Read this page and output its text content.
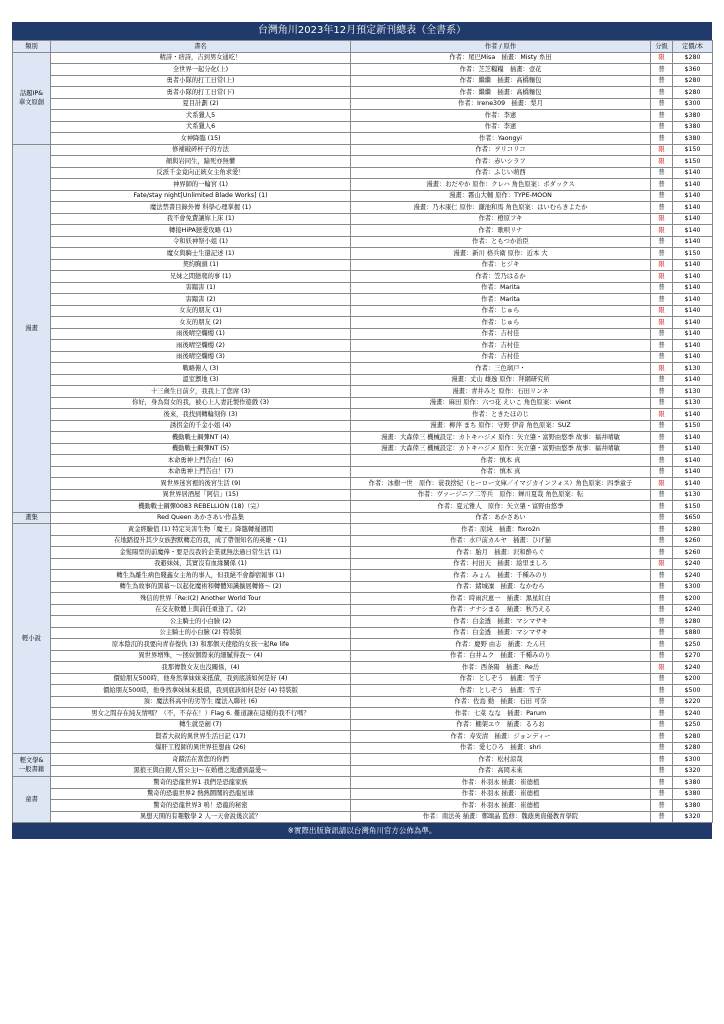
台灣角川2023年12月預定新刊總表（全書系）
類別	書名	作者 / 原作	分級	定價/本
話題IP&
華文原創	精詩・痞詩，吉到男女通吃！	作者：尾巴Misa　插畫：Misty 糸田	限	$280
	全世界一起分化(上)	作者：芝芝糧糧　插畫：壹花	普	$360
	勇者小隊的打工日常(上)	作者：繼繼　插畫：高橋麵包	普	$280
	勇者小隊的打工日常(下)	作者：繼繼　插畫：高橋麵包	普	$280
	夏目計劃 (2)	作者：Irene309　插畫：梨月	普	$300
	犬系獵人5	作者：李憲	普	$380
	犬系獵人6	作者：李憲	普	$380
	女神降臨 (15)	作者：Yaongyi	普	$380
漫畫	修補破碎杯子的方法	作者：ヲリコリコ	限	$150
	顏與岩同生，踰死亦無懼	作者：赤いシラフ	限	$150
	反派千金竟向正統女主角求愛！	作者：ふじい萌西	普	$140
	神界師的一輪宮 (1)	漫畫：おだやか 原作：クレハ 角色原案：ボダックス	普	$140
	Fate/stay night[Unlimited Blade Works] (1)	漫畫：霧山大輔 原作：TYPE-MOON	普	$140
	魔法禁書目錄外傳 科學心理掌握 (1)	漫畫：乃木康仁 原作：鎌池和馬 角色原案：はいむらきよたか	普	$140
	我不會免費讓妳上床 (1)	作者：橙原フキ	限	$140
	轉接HiPA戀愛攻略 (1)	作者：歌唄リナ	限	$140
	令和妖神祭小姐 (1)	作者：ともつか治臣	普	$140
	魔女與騎士生還記述 (1)	漫畫：新川 格兵衛 原作：近本 大	普	$150
	契約胸頭 (1)	作者：ヒジキ	限	$140
	兄妹之間戀爬的事 (1)	作者：笠乃はるか	限	$140
	害蹋害 (1)	作者：Marita	普	$140
	害蹋害 (2)	作者：Marita	普	$140
	女友的朋友 (1)	作者：じゅら	限	$140
	女友的朋友 (2)	作者：じゅら	限	$140
	雨後晴空爛燭 (1)	作者：吉村佳	普	$140
	雨後晴空爛燭 (2)	作者：吉村佳	普	$140
	雨後晴空爛燭 (3)	作者：吉村佳	普	$140
	戰略俯人 (3)	作者：三色璃戸・	限	$130
	溫室禦地 (3)	漫畫：丈山 雄逸 原作：拜網研究所	普	$140
	十三歲生日前夕，我我上了您席 (3)	漫畫：青井みと 原作：石田リンネ	普	$130
	你好，身為寫女的我，被心上人妻託製作遊戲 (3)	漫畫：麻田 原作：六つ花 えいこ 角色原案：vient	普	$130
	後來，我找到轉輪刻你 (3)	作者：ときたほのじ	限	$140
	誘拐金的千金小姐 (4)	漫畫：柳萍 まち 原作：守野 伊音 角色原案：SUZ	普	$150
	機動戰士鋼彈NT (4)	漫畫：大森倖三 機械設定：カトキハジメ 原作：矢立肇・富野由悠季 故事：福井晴敏	普	$140
	機動戰士鋼彈NT (5)	漫畫：大森倖三 機械設定：カトキハジメ 原作：矢立肇・富野由悠季 故事：福井晴敏	普	$140
	本命勇神上門告白！(6)	作者：慎本 真	普	$140
	本命勇神上門告白！(7)	作者：慎本 真	普	$140
	異世界迷宮裡的後宮生活 (9)	作者：冰樹一世　原作：蓑我捨紀（ヒーロー文庫／イマジカインフォス）角色原案：四季童子	限	$140
	異世界居酒屋「阿信」(15)	作者：ヴァージニア二等兵　原作：蝉川夏哉 角色原案：転	普	$130
	機動戰士鋼彈0083 REBELLION (18)（完）	作者：夏元雅人　原作：矢立肇・富野由悠季	普	$150
畫集	Red Queen あかさあい作品集	作者：あかさあい	普	$650
輕小說	黃金經驗值 (1) 特定災害生物「魔王」降臨轉遲週間	作者：原純　插畫：fixro2n	普	$280
	在地踏提升其少女族對默轉走的我，成了帶領知名的英雄・(1)	作者：水戸前カルヤ　插畫：ひげ猫	普	$260
	金髮陽型的前魔俸・要是沒我的企業就無法過日常生活 (1)	作者：胎月　插畫：沢和酔らぐ	普	$260
	我避妹妹，其實沒有血緣關係 (1)	作者：村田天　插畫：絵里ましろ	限	$240
	轉生為離生病色賤鑫女主角的事人，但我絕不會靜宿報事 (1)	作者：みょん　插畫：千種みのり	普	$240
	轉生為故事的黑幕～以起化魔術和轉體知識擴展轉條～ (2)	作者：緒城凜　插畫：なかむら	普	$300
	殊信的世界「Re:Ⅰ(2) Another World Tour	作者：時雨沢恵一　插畫：黒星紅白	普	$200
	在交友軟體上與前任重逢了。(2)	作者：ナナシまる　插畫：秋乃える	普	$240
	公主騎士的小白臉 (2)	作者：白金透　插畫：マシマサキ	普	$280
	公主騎士的小白臉 (2) 特裝版	作者：白金透　插畫：マシマサキ	普	$880
	原本陰沉的我要向青春復仇 (3) 和那個天使般的女孩一起Re life	作者：慶野 由志　插畫：たん旦	普	$250
	異世界增殊，～拯奴個際來的細膩得我～ (4)	作者：白井ムク　插畫：千種みのり	普	$270
	我那傳散女友也沒關係，(4)	作者：西条陽　插畫：Re岳	限	$240
	價給朋友500時，他身然拿妹妹來抵債，我到底該如何是好 (4)	作者：としぞう　插畫：雪子	普	$200
	價給朋友500時，他身然拿妹妹來抵債，我到底該如何是好 (4) 特裝版	作者：としぞう　插畫：雪子	普	$500
	頂：魔法科高中的劣等生 魔法入聯社 (6)	作者：佐島 勤　插畫：石田 可奈	普	$220
	男女之間存在純友情嗎？（不，不存在！）Flag 6. 難道讓在這樣的我不行嗎？	作者：七菜 なな　插畫：Parum	普	$240
	轉生就是劍 (7)	作者：棚架ユウ　插畫：るろお	普	$250
	賢者大叔的異世界生活日記 (17)	作者：寿安清　插畫：ジョンディー	普	$280
	爆肝工程師的異世界狂想曲 (26)	作者：愛七ひろ　插畫：shri	普	$280
輕文學&
一般書籍	奇蹟活在當您的你們	作者：松村涼哉	普	$300
	黑狼王與白銀人質公主Ⅰ～在婚禮之地遭到最愛～	作者：高岡未來	普	$320
童書	驚奇的恐龍世界1 我們是恐龍家族	作者：朴羽永 插畫：崔德植	普	$380
	驚奇的恐龍世界2 熱熱鬧鬧的恐龍星球	作者：朴羽永 插畫：崔德植	普	$380
	驚奇的恐龍世界3 嗚！恐龍的秘密	作者：朴羽永 插畫：崔德植	普	$380
	異想天開的有趣數學 2 人一天會說幾次謊？	作者：南法英 插畫：鄭頌晶 監修：魏蔭奧資優教育學院	普	$320
※實際出版資訊請以台灣角川官方公佈為準。
